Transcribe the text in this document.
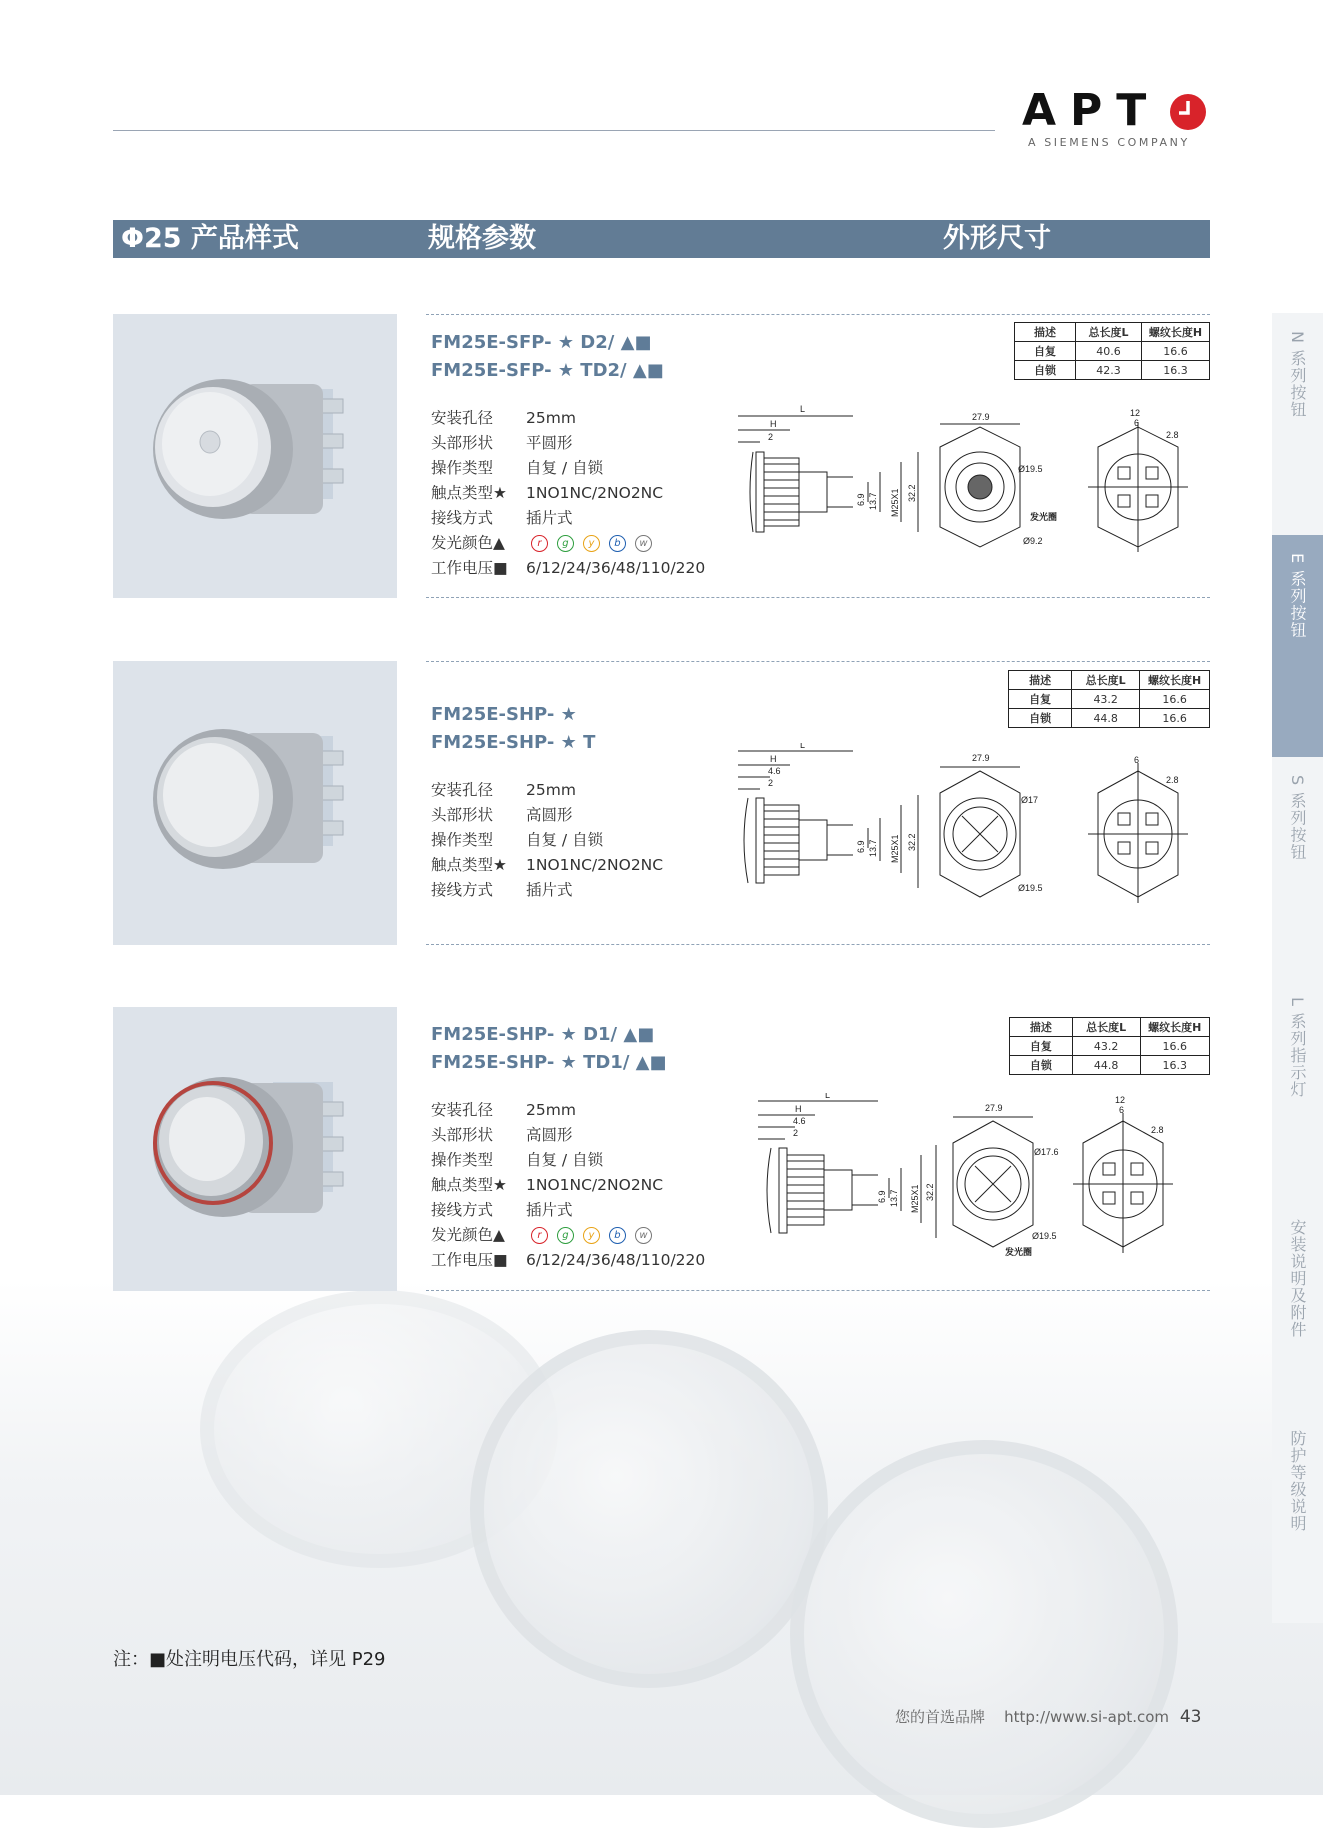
APT
A SIEMENS COMPANY
Φ25 产品样式	规格参数	外形尺寸
FM25E-SFP- ★ D2/ ▲■
FM25E-SFP- ★ TD2/ ▲■
安装孔径 25mm
头部形状 平圆形
操作类型 自复 / 自锁
触点类型★ 1NO1NC/2NO2NC
接线方式 插片式
发光颜色▲	r	g	y	b	w
工作电压■ 6/12/24/36/48/110/220
描述	总长度L	螺纹长度H
自复	40.6	16.6
自锁	42.3	16.3
L
H
2
6.9 13.7 M25X1 32.2
27.9
Ø19.5
发光圈
Ø9.2
12
6
2.8
FM25E-SHP- ★
FM25E-SHP- ★ T
安装孔径 25mm
头部形状 高圆形
操作类型 自复 / 自锁
触点类型★ 1NO1NC/2NO2NC
接线方式 插片式
描述	总长度L	螺纹长度H
自复	43.2	16.6
自锁	44.8	16.6
L
H
4.6
2
6.9 13.7 M25X1 32.2
27.9
Ø17
Ø19.5
6
2.8
FM25E-SHP- ★ D1/ ▲■
FM25E-SHP- ★ TD1/ ▲■
安装孔径 25mm
头部形状 高圆形
操作类型 自复 / 自锁
触点类型★ 1NO1NC/2NO2NC
接线方式 插片式
发光颜色▲	r	g	y	b	w
工作电压■ 6/12/24/36/48/110/220
描述	总长度L	螺纹长度H
自复	43.2	16.6
自锁	44.8	16.3
L
H
4.6
2
6.9 13.7 M25X1 32.2
27.9
Ø17.6
Ø19.5
发光圈
12
6
2.8
N 系列按钮
E 系列按钮
S 系列按钮
L 系列指示灯
安装说明及附件
防护等级说明
注：■处注明电压代码，详见 P29
您的首选品牌 http://www.si-apt.com 43
